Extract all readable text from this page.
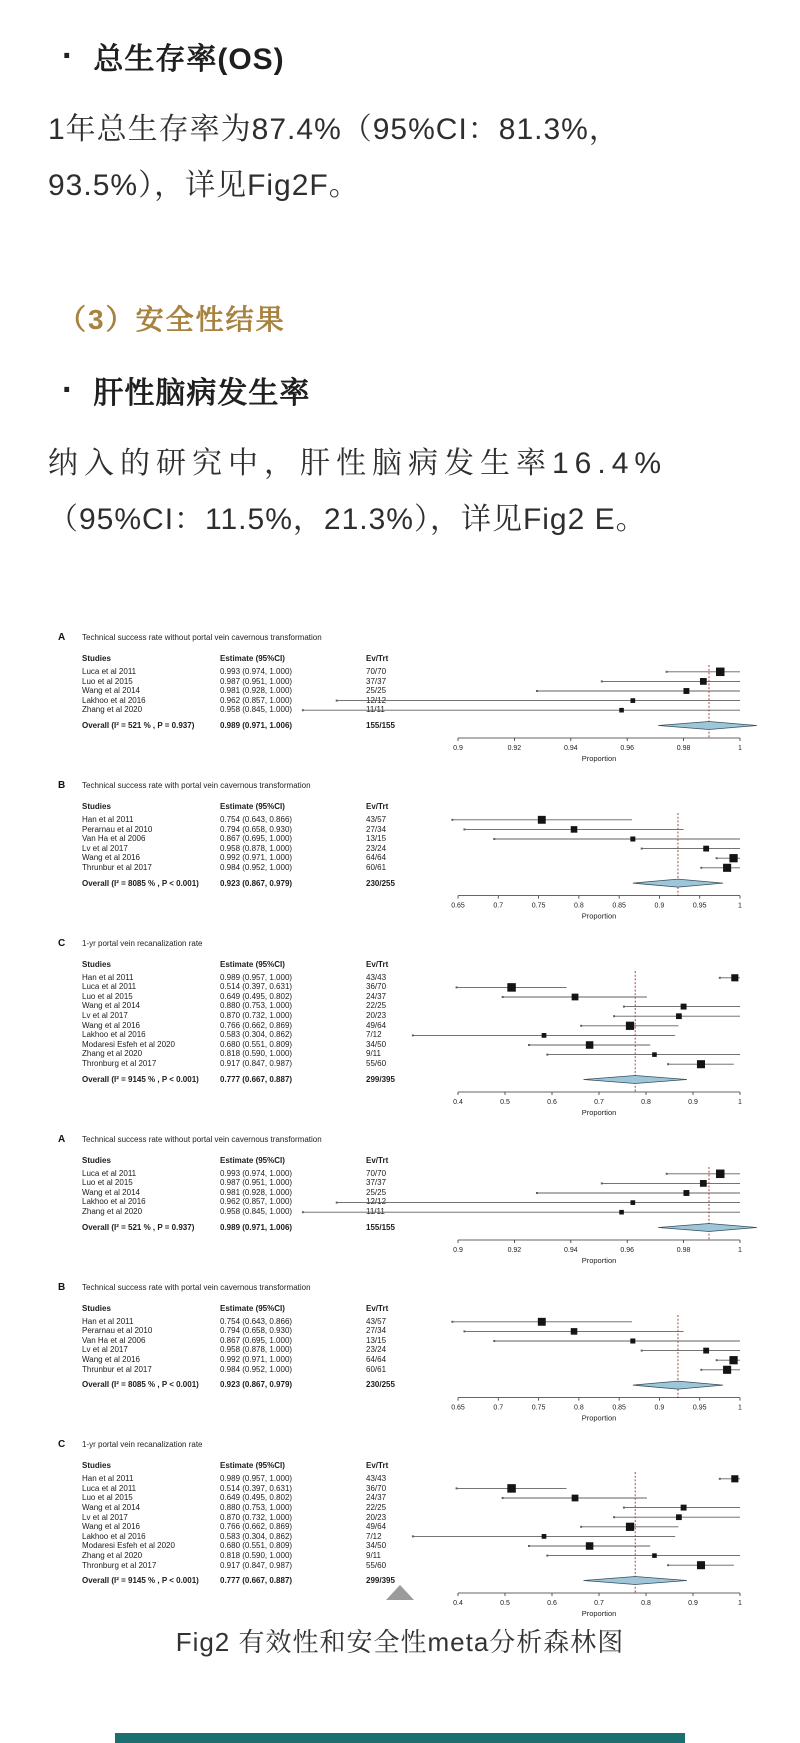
· 总生存率(OS)

1年总生存率为87.4%（95%CI：81.3%，
93.5%），详见Fig2F。

（3）安全性结果
· 肝性脑病发生率

纳入的研究中，肝性脑病发生率16.4%
（95%CI：11.5%，21.3%），详见Fig2 E。

A Technical success rate without portal vein cavernous transformation
Studies	Estimate (95%CI)	Ev/Trt
Luca et al 2011	0.993 (0.974, 1.000)	70/70
Luo et al 2015	0.987 (0.951, 1.000)	37/37
Wang et al 2014	0.981 (0.928, 1.000)	25/25
Lakhoo et al 2016	0.962 (0.857, 1.000)	12/12
Zhang et al 2020	0.958 (0.845, 1.000)	11/11
Overall (I² = 521 % , P = 0.937)	0.989 (0.971, 1.006)	155/155
0.9	0.92	0.94	0.96	0.98	1
Proportion
B Technical success rate with portal vein cavernous transformation
Studies	Estimate (95%CI)	Ev/Trt
Han et al 2011	0.754 (0.643, 0.866)	43/57
Perarnau et al 2010	0.794 (0.658, 0.930)	27/34
Van Ha et al 2006	0.867 (0.695, 1.000)	13/15
Lv et al 2017	0.958 (0.878, 1.000)	23/24
Wang et al 2016	0.992 (0.971, 1.000)	64/64
Thrunbur et al 2017	0.984 (0.952, 1.000)	60/61
Overall (I² = 8085 % , P < 0.001)	0.923 (0.867, 0.979)	230/255
0.65	0.7	0.75	0.8	0.85	0.9	0.95	1
Proportion
C 1-yr portal vein recanalization rate
Studies	Estimate (95%CI)	Ev/Trt
Han et al 2011	0.989 (0.957, 1.000)	43/43
Luca et al 2011	0.514 (0.397, 0.631)	36/70
Luo et al 2015	0.649 (0.495, 0.802)	24/37
Wang et al 2014	0.880 (0.753, 1.000)	22/25
Lv et al 2017	0.870 (0.732, 1.000)	20/23
Wang et al 2016	0.766 (0.662, 0.869)	49/64
Lakhoo et al 2016	0.583 (0.304, 0.862)	7/12
Modaresi Esfeh et al 2020	0.680 (0.551, 0.809)	34/50
Zhang et al 2020	0.818 (0.590, 1.000)	9/11
Thronburg et al 2017	0.917 (0.847, 0.987)	55/60
Overall (I² = 9145 % , P < 0.001)	0.777 (0.667, 0.887)	299/395
0.4	0.5	0.6	0.7	0.8	0.9	1
Proportion
A Technical success rate without portal vein cavernous transformation
Studies	Estimate (95%CI)	Ev/Trt
Luca et al 2011	0.993 (0.974, 1.000)	70/70
Luo et al 2015	0.987 (0.951, 1.000)	37/37
Wang et al 2014	0.981 (0.928, 1.000)	25/25
Lakhoo et al 2016	0.962 (0.857, 1.000)	12/12
Zhang et al 2020	0.958 (0.845, 1.000)	11/11
Overall (I² = 521 % , P = 0.937)	0.989 (0.971, 1.006)	155/155
0.9	0.92	0.94	0.96	0.98	1
Proportion
B Technical success rate with portal vein cavernous transformation
Studies	Estimate (95%CI)	Ev/Trt
Han et al 2011	0.754 (0.643, 0.866)	43/57
Perarnau et al 2010	0.794 (0.658, 0.930)	27/34
Van Ha et al 2006	0.867 (0.695, 1.000)	13/15
Lv et al 2017	0.958 (0.878, 1.000)	23/24
Wang et al 2016	0.992 (0.971, 1.000)	64/64
Thrunbur et al 2017	0.984 (0.952, 1.000)	60/61
Overall (I² = 8085 % , P < 0.001)	0.923 (0.867, 0.979)	230/255
0.65	0.7	0.75	0.8	0.85	0.9	0.95	1
Proportion
C 1-yr portal vein recanalization rate
Studies	Estimate (95%CI)	Ev/Trt
Han et al 2011	0.989 (0.957, 1.000)	43/43
Luca et al 2011	0.514 (0.397, 0.631)	36/70
Luo et al 2015	0.649 (0.495, 0.802)	24/37
Wang et al 2014	0.880 (0.753, 1.000)	22/25
Lv et al 2017	0.870 (0.732, 1.000)	20/23
Wang et al 2016	0.766 (0.662, 0.869)	49/64
Lakhoo et al 2016	0.583 (0.304, 0.862)	7/12
Modaresi Esfeh et al 2020	0.680 (0.551, 0.809)	34/50
Zhang et al 2020	0.818 (0.590, 1.000)	9/11
Thronburg et al 2017	0.917 (0.847, 0.987)	55/60
Overall (I² = 9145 % , P < 0.001)	0.777 (0.667, 0.887)	299/395
0.4	0.5	0.6	0.7	0.8	0.9	1
Proportion
Fig2 有效性和安全性meta分析森林图
